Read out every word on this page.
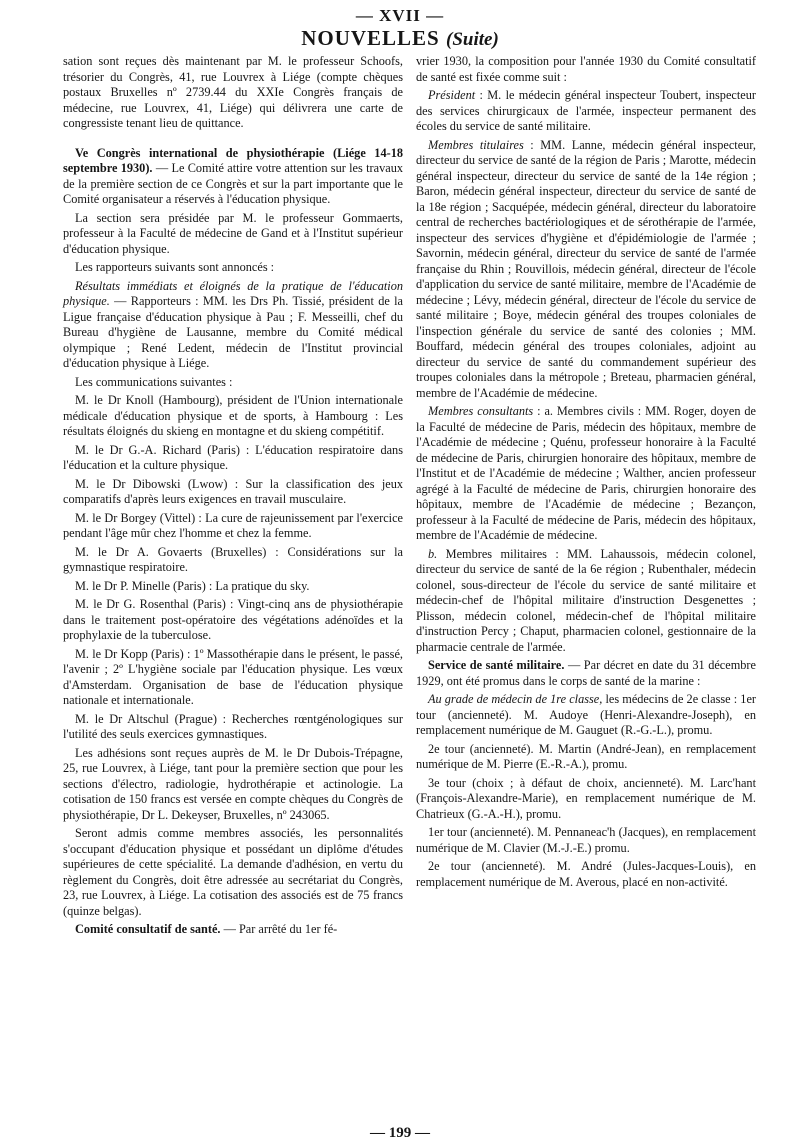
— XVII —
NOUVELLES (Suite)

sation sont reçues dès maintenant par M. le professeur Schoofs, trésorier du Congrès, 41, rue Louvrex à Liége (compte chèques postaux Bruxelles nº 2739.44 du XXIe Congrès français de médecine, rue Louvrex, 41, Liége) qui délivrera une carte de congressiste tenant lieu de quittance.

Ve Congrès international de physiothérapie (Liége 14-18 septembre 1930). — Le Comité attire votre attention sur les travaux de la première section de ce Congrès et sur la part importante que le Comité organisateur a réservés à l'éducation physique.

La section sera présidée par M. le professeur Gommaerts, professeur à la Faculté de médecine de Gand et à l'Institut supérieur d'éducation physique.

Les rapporteurs suivants sont annoncés :

Résultats immédiats et éloignés de la pratique de l'éducation physique. — Rapporteurs : MM. les Drs Ph. Tissié, président de la Ligue française d'éducation physique à Pau ; F. Messeilli, chef du Bureau d'hygiène de Lausanne, membre du Comité médical olympique ; René Ledent, médecin de l'Institut provincial d'éducation physique à Liége.

Les communications suivantes :

M. le Dr Knoll (Hambourg), président de l'Union internationale médicale d'éducation physique et de sports, à Hambourg : Les résultats éloignés du skieng en montagne et du skieng compétitif.

M. le Dr G.-A. Richard (Paris) : L'éducation respiratoire dans l'éducation et la culture physique.

M. le Dr Dibowski (Lwow) : Sur la classification des jeux comparatifs d'après leurs exigences en travail musculaire.

M. le Dr Borgey (Vittel) : La cure de rajeunissement par l'exercice pendant l'âge mûr chez l'homme et chez la femme.

M. le Dr A. Govaerts (Bruxelles) : Considérations sur la gymnastique respiratoire.

M. le Dr P. Minelle (Paris) : La pratique du sky.

M. le Dr G. Rosenthal (Paris) : Vingt-cinq ans de physiothérapie dans le traitement post-opératoire des végétations adénoïdes et la prophylaxie de la tuberculose.

M. le Dr Kopp (Paris) : 1º Massothérapie dans le présent, le passé, l'avenir ; 2º L'hygiène sociale par l'éducation physique. Les vœux d'Amsterdam. Organisation de base de l'éducation physique nationale et internationale.

M. le Dr Altschul (Prague) : Recherches rœntgénologiques sur l'utilité des seuls exercices gymnastiques.

Les adhésions sont reçues auprès de M. le Dr Dubois-Trépagne, 25, rue Louvrex, à Liége, tant pour la première section que pour les sections d'électro, radiologie, hydrothérapie et actinologie. La cotisation de 150 francs est versée en compte chèques du Congrès de physiothérapie, Dr L. Dekeyser, Bruxelles, nº 243065.

Seront admis comme membres associés, les personnalités s'occupant d'éducation physique et possédant un diplôme d'études supérieures de cette spécialité. La demande d'adhésion, en vertu du règlement du Congrès, doit être adressée au secrétariat du Congrès, 23, rue Louvrex, à Liége. La cotisation des associés est de 75 francs (quinze belgas).

Comité consultatif de santé. — Par arrêté du 1er fé-

vrier 1930, la composition pour l'année 1930 du Comité consultatif de santé est fixée comme suit :

Président : M. le médecin général inspecteur Toubert, inspecteur des services chirurgicaux de l'armée, inspecteur permanent des écoles du service de santé militaire.

Membres titulaires : MM. Lanne, médecin général inspecteur, directeur du service de santé de la région de Paris ; Marotte, médecin général inspecteur, directeur du service de santé de la 14e région ; Baron, médecin général inspecteur, directeur du service de santé de la 18e région ; Sacquépée, médecin général, directeur du laboratoire central de recherches bactériologiques et de sérothérapie de l'armée, inspecteur des services d'hygiène et d'épidémiologie de l'armée ; Savornin, médecin général, directeur du service de santé de l'armée française du Rhin ; Rouvillois, médecin général, directeur de l'école d'application du service de santé militaire, membre de l'Académie de médecine ; Lévy, médecin général, directeur de l'école du service de santé militaire ; Boye, médecin général des troupes coloniales de l'inspection générale du service de santé des colonies ; MM. Bouffard, médecin général des troupes coloniales, adjoint au directeur du service de santé du commandement supérieur des troupes coloniales dans la métropole ; Breteau, pharmacien général, membre de l'Académie de médecine.

Membres consultants : a. Membres civils : MM. Roger, doyen de la Faculté de médecine de Paris, médecin des hôpitaux, membre de l'Académie de médecine ; Quénu, professeur honoraire à la Faculté de médecine de Paris, chirurgien honoraire des hôpitaux, membre de l'Institut et de l'Académie de médecine ; Walther, ancien professeur agrégé à la Faculté de médecine de Paris, chirurgien honoraire des hôpitaux, membre de l'Académie de médecine ; Bezançon, professeur à la Faculté de médecine de Paris, médecin des hôpitaux, membre de l'Académie de médecine.

b. Membres militaires : MM. Lahaussois, médecin colonel, directeur du service de santé de la 6e région ; Rubenthaler, médecin colonel, sous-directeur de l'école du service de santé militaire et médecin-chef de l'hôpital militaire d'instruction Desgenettes ; Plisson, médecin colonel, médecin-chef de l'hôpital militaire d'instruction Percy ; Chaput, pharmacien colonel, gestionnaire de la pharmacie centrale de l'armée.

Service de santé militaire. — Par décret en date du 31 décembre 1929, ont été promus dans le corps de santé de la marine :

Au grade de médecin de 1re classe, les médecins de 2e classe : 1er tour (ancienneté). M. Audoye (Henri-Alexandre-Joseph), en remplacement numérique de M. Gauguet (R.-G.-L.), promu.

2e tour (ancienneté). M. Martin (André-Jean), en remplacement numérique de M. Pierre (E.-R.-A.), promu.

3e tour (choix ; à défaut de choix, ancienneté). M. Larc'hant (François-Alexandre-Marie), en remplacement numérique de M. Chatrieux (G.-A.-H.), promu.

1er tour (ancienneté). M. Pennaneac'h (Jacques), en remplacement numérique de M. Clavier (M.-J.-E.) promu.

2e tour (ancienneté). M. André (Jules-Jacques-Louis), en remplacement numérique de M. Averous, placé en non-activité.

— 199 —
